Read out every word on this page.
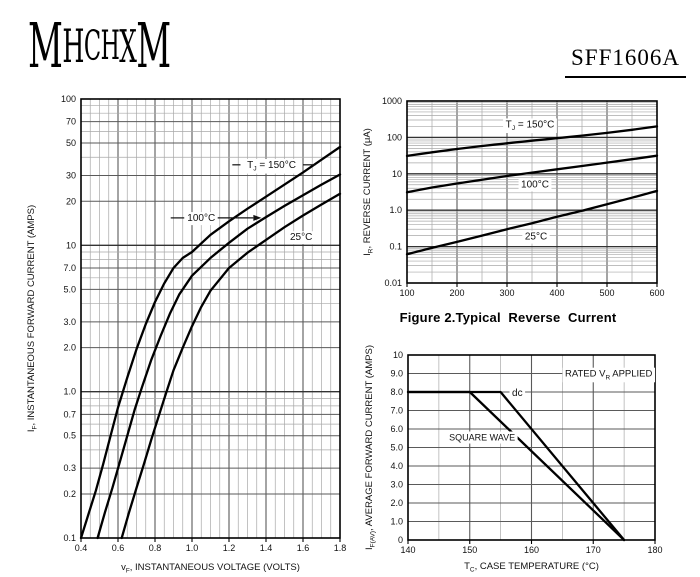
M H C H X M	SFF1606A
0.4	0.6	0.8	1.0	1.2	1.4	1.6	1.8
100
70
50
30
20
10
7.0
5.0
3.0
2.0
1.0
0.7
0.5
0.3
0.2
0.1
$v_F$, INSTANTANEOUS VOLTAGE (VOLTS)
$I_F$, INSTANTANEOUS FORWARD CURRENT (AMPS)
$T_J = 150^\circ C$
100°C
25°C
100	200	300	400	500	600
1000
100
10
1.0
0.1
0.01
$I_R$, REVERSE CURRENT (μA)
$T_J = 150^\circ C$
100°C
25°C
Figure 2.Typical  Reverse  Current
140	150	160	170	180
10
9.0
8.0
7.0
6.0
5.0
4.0
3.0
2.0
1.0
0
$T_C$, CASE TEMPERATURE (°C)
$I_{F(AV)}$, AVERAGE FORWARD CURRENT (AMPS)	RATED $V_R$ APPLIED
dc
SQUARE WAVE
